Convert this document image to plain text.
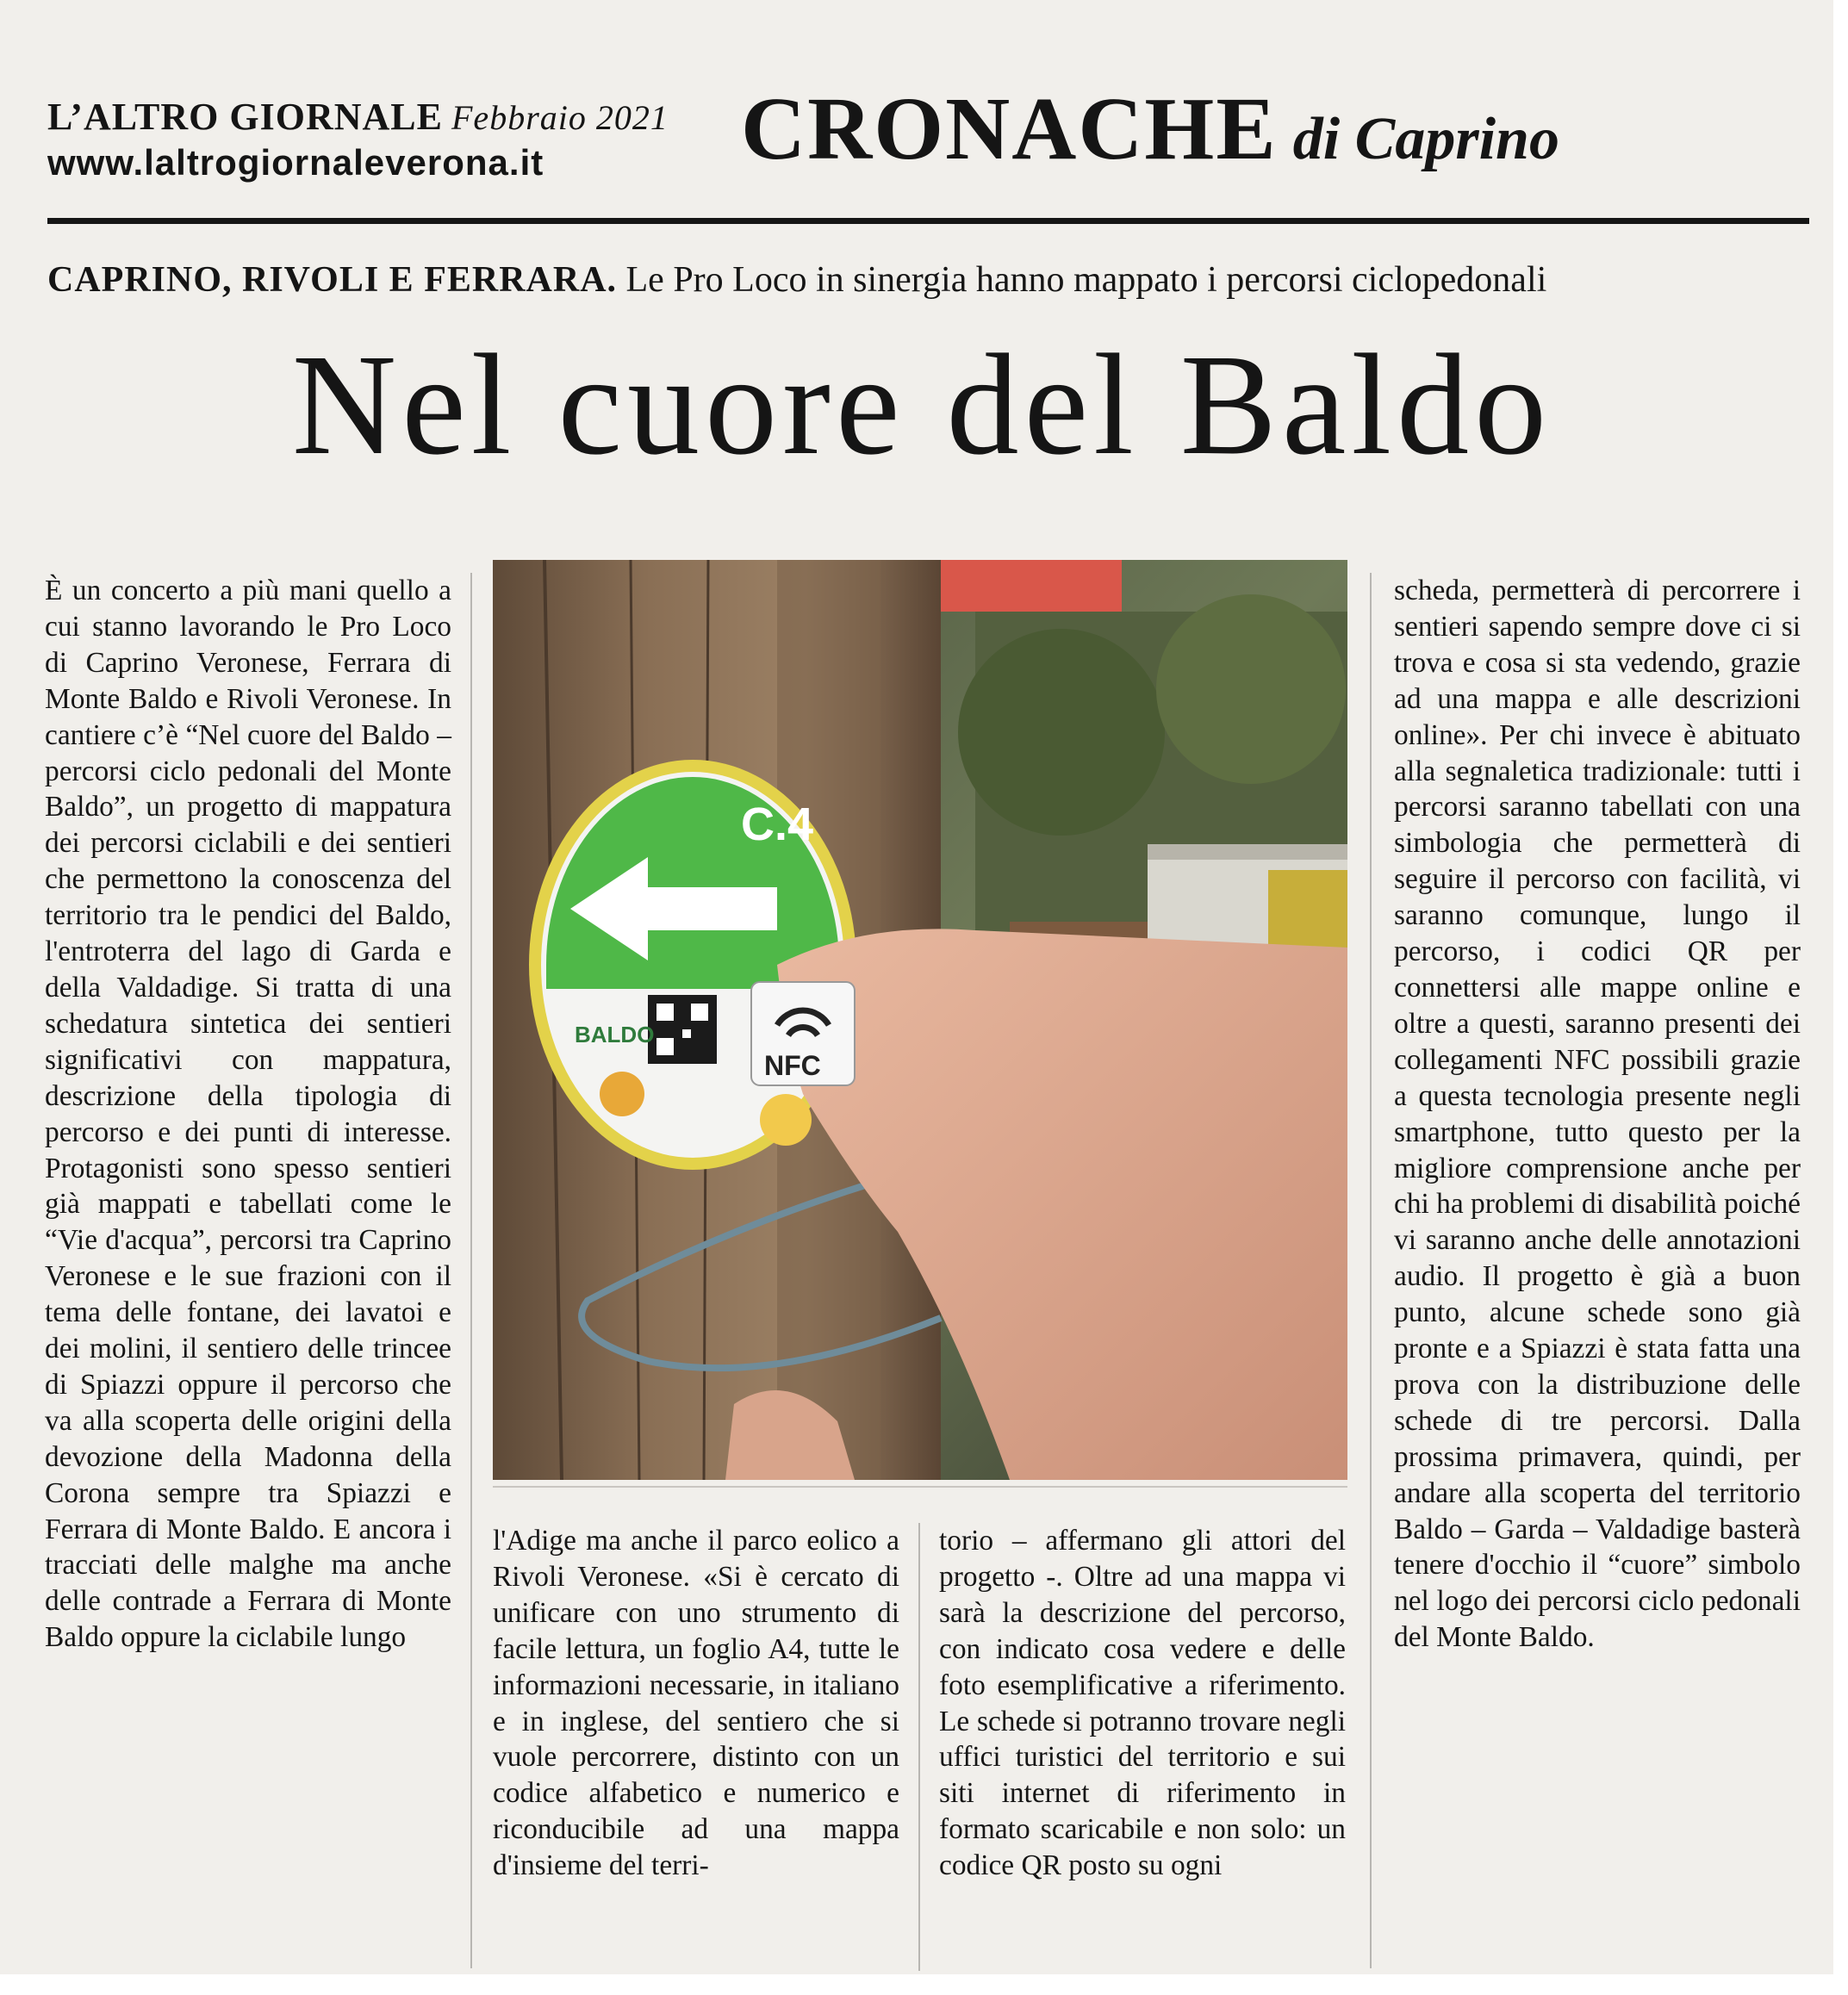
L’ALTRO GIORNALE Febbraio 2021
www.laltrogiornaleverona.it	CRONACHE di Caprino
CAPRINO, RIVOLI E FERRARA. Le Pro Loco in sinergia hanno mappato i percorsi ciclopedonali
Nel cuore del Baldo

È un concerto a più mani quello a cui stanno lavorando le Pro Loco di Caprino Veronese, Ferrara di Monte Baldo e Rivoli Veronese. In cantiere c’è “Nel cuore del Baldo – percorsi ciclo pedonali del Monte Baldo”, un progetto di mappatura dei percorsi ciclabili e dei sentieri che permettono la conoscenza del territorio tra le pendici del Baldo, l'entroterra del lago di Garda e della Valdadige. Si tratta di una schedatura sintetica dei sentieri significativi con mappatura, descrizione della tipologia di percorso e dei punti di interesse. Protagonisti sono spesso sentieri già mappati e tabellati come le “Vie d'acqua”, percorsi tra Caprino Veronese e le sue frazioni con il tema delle fontane, dei lavatoi e dei molini, il sentiero delle trincee di Spiazzi oppure il percorso che va alla scoperta delle origini della devozione della Madonna della Corona sempre tra Spiazzi e Ferrara di Monte Baldo. E ancora i tracciati delle malghe ma anche delle contrade a Ferrara di Monte Baldo oppure la ciclabile lungo

C.4
BALDO
NFC

l'Adige ma anche il parco eolico a Rivoli Veronese. «Si è cercato di unificare con uno strumento di facile lettura, un foglio A4, tutte le informazioni necessarie, in italiano e in inglese, del sentiero che si vuole percorrere, distinto con un codice alfabetico e numerico e riconducibile ad una mappa d'insieme del terri-

torio – affermano gli attori del progetto -. Oltre ad una mappa vi sarà la descrizione del percorso, con indicato cosa vedere e delle foto esemplificative a riferimento. Le schede si potranno trovare negli uffici turistici del territorio e sui siti internet di riferimento in formato scaricabile e non solo: un codice QR posto su ogni

scheda, permetterà di percorrere i sentieri sapendo sempre dove ci si trova e cosa si sta vedendo, grazie ad una mappa e alle descrizioni online». Per chi invece è abituato alla segnaletica tradizionale: tutti i percorsi saranno tabellati con una simbologia che permetterà di seguire il percorso con facilità, vi saranno comunque, lungo il percorso, i codici QR per connettersi alle mappe online e oltre a questi, saranno presenti dei collegamenti NFC possibili grazie a questa tecnologia presente negli smartphone, tutto questo per la migliore comprensione anche per chi ha problemi di disabilità poiché vi saranno anche delle annotazioni audio. Il progetto è già a buon punto, alcune schede sono già pronte e a Spiazzi è stata fatta una prova con la distribuzione delle schede di tre percorsi. Dalla prossima primavera, quindi, per andare alla scoperta del territorio Baldo – Garda – Valdadige basterà tenere d'occhio il “cuore” simbolo nel logo dei percorsi ciclo pedonali del Monte Baldo.
